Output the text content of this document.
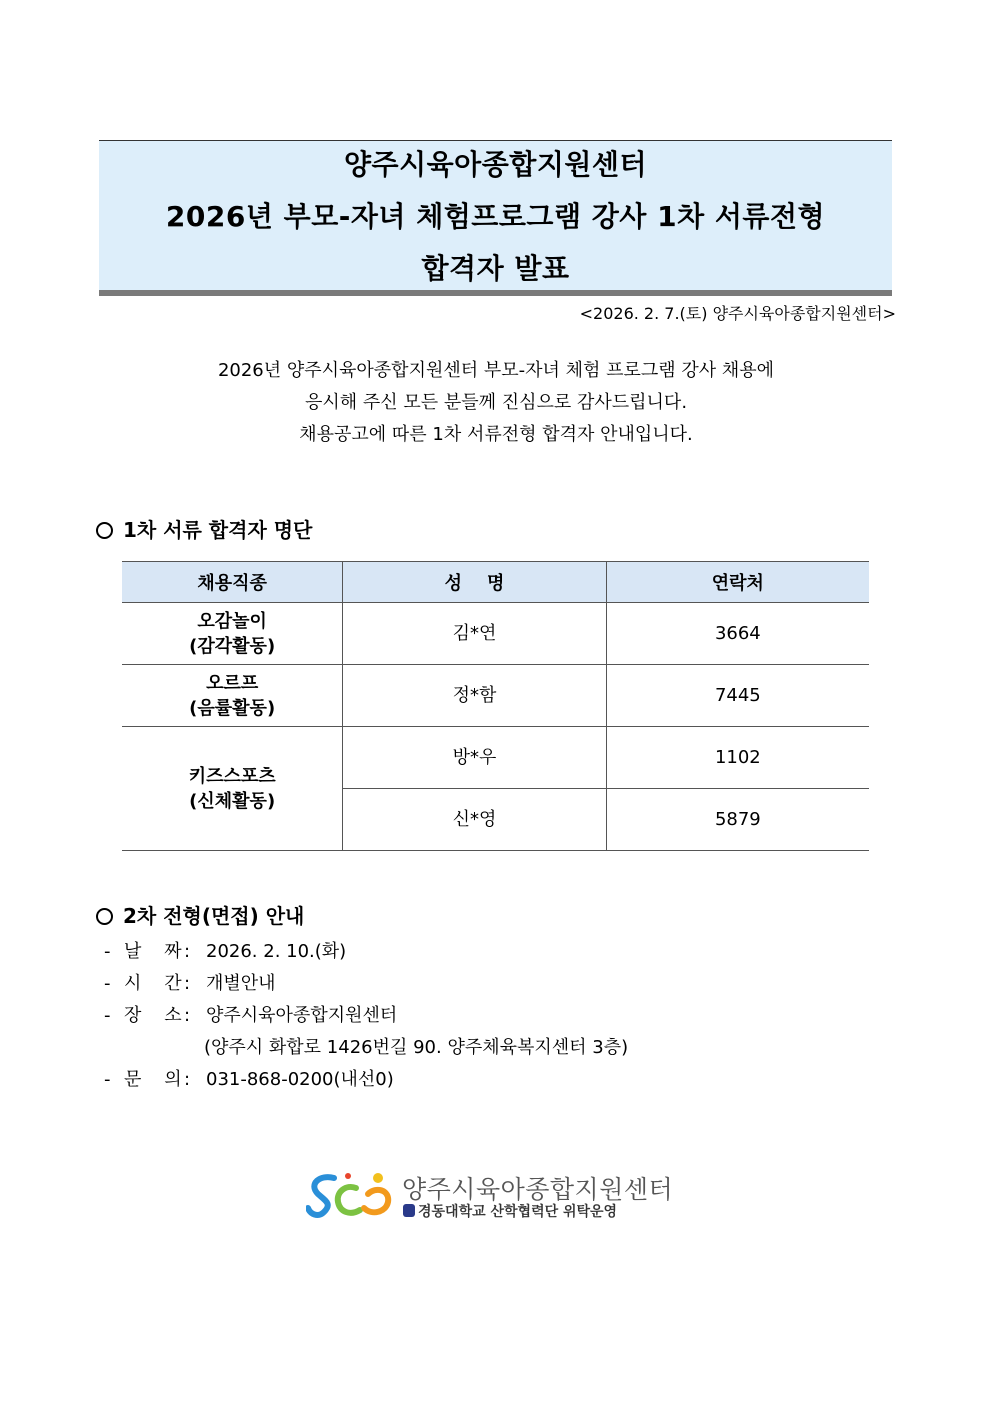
양주시육아종합지원센터
2026년 부모-자녀 체험프로그램 강사 1차 서류전형
합격자 발표
<2026. 2. 7.(토) 양주시육아종합지원센터>
2026년 양주시육아종합지원센터 부모-자녀 체험 프로그램 강사 채용에
응시해 주신 모든 분들께 진심으로 감사드립니다.
채용공고에 따른 1차 서류전형 합격자 안내입니다.
1차 서류 합격자 명단
채용직종	성    명	연락처

오감놀이
(감각활동)	김*연	3664

오르프
(음률활동)	정*함	7445

키즈스포츠
(신체활동)	방*우	1102
	신*영	5879
2차 전형(면접) 안내
- 날    짜 : 2026. 2. 10.(화)
- 시    간 : 개별안내
- 장    소 : 양주시육아종합지원센터
(양주시 화합로 1426번길 90. 양주체육복지센터 3층)
- 문    의 : 031-868-0200(내선0)
양주시육아종합지원센터
경동대학교 산학협력단 위탁운영
